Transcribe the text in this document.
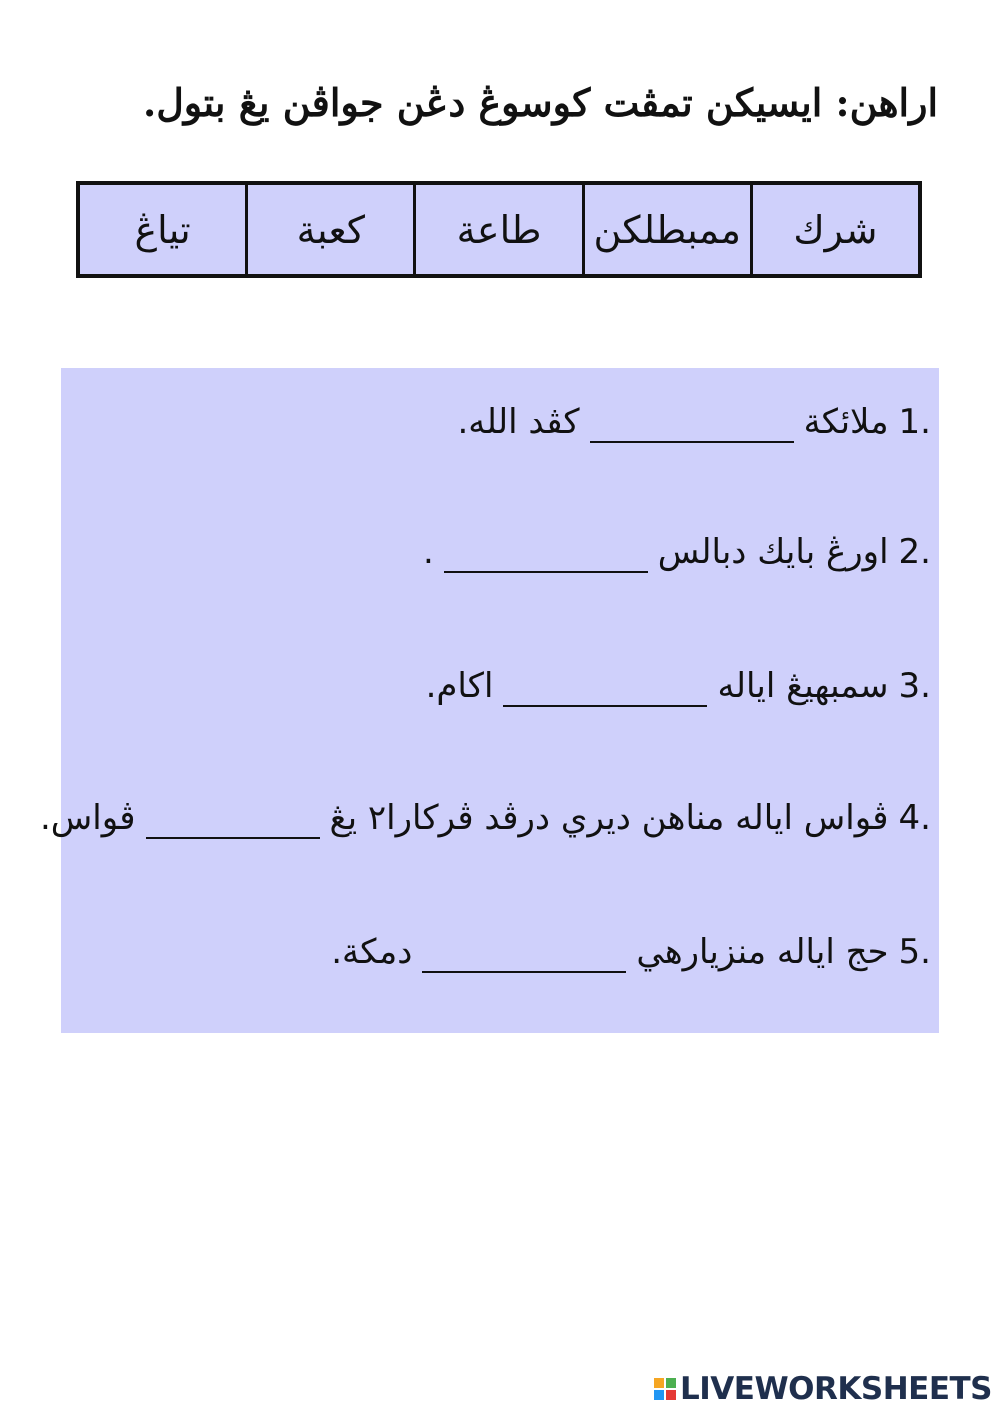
اراهن: ايسيكن تمڤت كوسوڠ دڠن جواڤن يڠ بتول.
شرك
ممبطلكن
طاعة
كعبة
تياڠ
1.
ملائكة
كڤد الله.
2.
اورڠ بايك دبالس
.
3.
سمبهيڠ اياله
اكام.
4.
ڤواس اياله مناهن ديري درڤد ڤركارا٢ يڠ
ڤواس.
5.
حج اياله منزيارهي
دمكة.
LIVEWORKSHEETS
